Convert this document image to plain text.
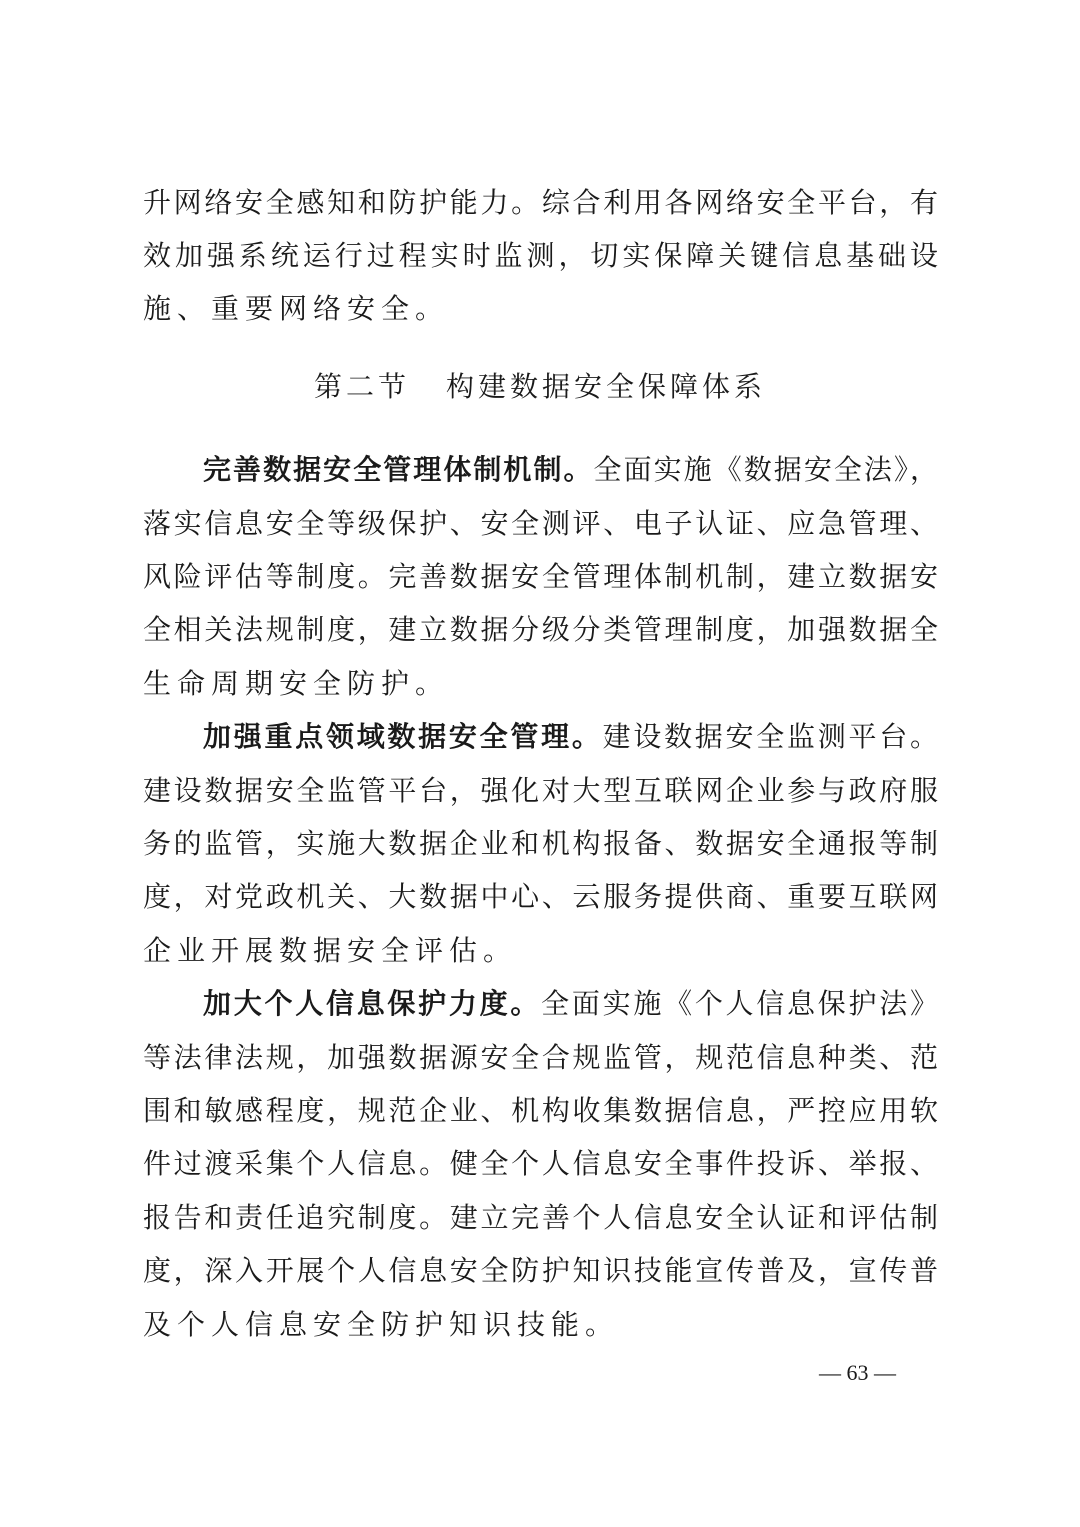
升网络安全感知和防护能力。综合利用各网络安全平台，有

效加强系统运行过程实时监测，切实保障关键信息基础设

施、重要网络安全。

第二节 构建数据安全保障体系

完善数据安全管理体制机制。全面实施《数据安全法》，

落实信息安全等级保护、安全测评、电子认证、应急管理、

风险评估等制度。完善数据安全管理体制机制，建立数据安

全相关法规制度，建立数据分级分类管理制度，加强数据全

生命周期安全防护。

加强重点领域数据安全管理。建设数据安全监测平台。

建设数据安全监管平台，强化对大型互联网企业参与政府服

务的监管，实施大数据企业和机构报备、数据安全通报等制

度，对党政机关、大数据中心、云服务提供商、重要互联网

企业开展数据安全评估。

加大个人信息保护力度。全面实施《个人信息保护法》

等法律法规，加强数据源安全合规监管，规范信息种类、范

围和敏感程度，规范企业、机构收集数据信息，严控应用软

件过渡采集个人信息。健全个人信息安全事件投诉、举报、

报告和责任追究制度。建立完善个人信息安全认证和评估制

度，深入开展个人信息安全防护知识技能宣传普及，宣传普

及个人信息安全防护知识技能。

— 63 —
